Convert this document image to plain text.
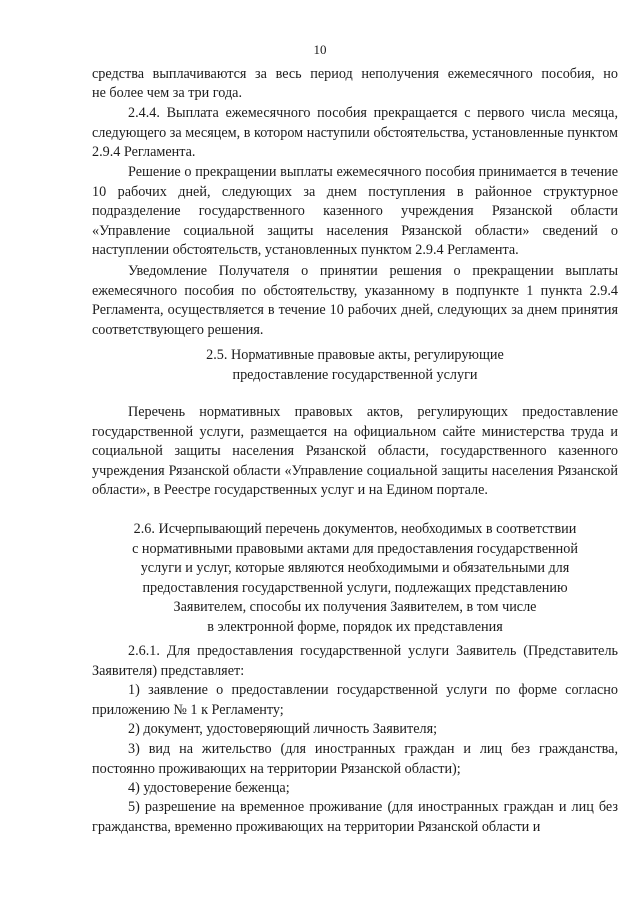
10

средства выплачиваются за весь период неполучения ежемесячного пособия, но

не более чем за три года.

2.4.4. Выплата ежемесячного пособия прекращается с первого числа месяца, следующего за месяцем, в котором наступили обстоятельства, установленные пунктом 2.9.4 Регламента.

Решение о прекращении выплаты ежемесячного пособия принимается в течение 10 рабочих дней, следующих за днем поступления в районное структурное подразделение государственного казенного учреждения Рязанской области «Управление социальной защиты населения Рязанской области» сведений о наступлении обстоятельств, установленных пунктом 2.9.4 Регламента.

Уведомление Получателя о принятии решения о прекращении выплаты ежемесячного пособия по обстоятельству, указанному в подпункте 1 пункта 2.9.4 Регламента, осуществляется в течение 10 рабочих дней, следующих за днем принятия соответствующего решения.

2.5. Нормативные правовые акты, регулирующие
предоставление государственной услуги

Перечень нормативных правовых актов, регулирующих предоставление государственной услуги, размещается на официальном сайте министерства труда и социальной защиты населения Рязанской области, государственного казенного учреждения Рязанской области «Управление социальной защиты населения Рязанской области», в Реестре государственных услуг и на Едином порталe.

2.6. Исчерпывающий перечень документов, необходимых в соответствии
с нормативными правовыми актами для предоставления государственной
услуги и услуг, которые являются необходимыми и обязательными для
предоставления государственной услуги, подлежащих представлению
Заявителем, способы их получения Заявителем, в том числе
в электронной форме, порядок их представления

2.6.1. Для предоставления государственной услуги Заявитель (Представитель Заявителя) представляет:

1) заявление о предоставлении государственной услуги по форме согласно приложению № 1 к Регламенту;

2) документ, удостоверяющий личность Заявителя;

3) вид на жительство (для иностранных граждан и лиц без гражданства, постоянно проживающих на территории Рязанской области);

4) удостоверение беженца;

5) разрешение на временное проживание (для иностранных граждан и лиц без гражданства, временно проживающих на территории Рязанской области и
